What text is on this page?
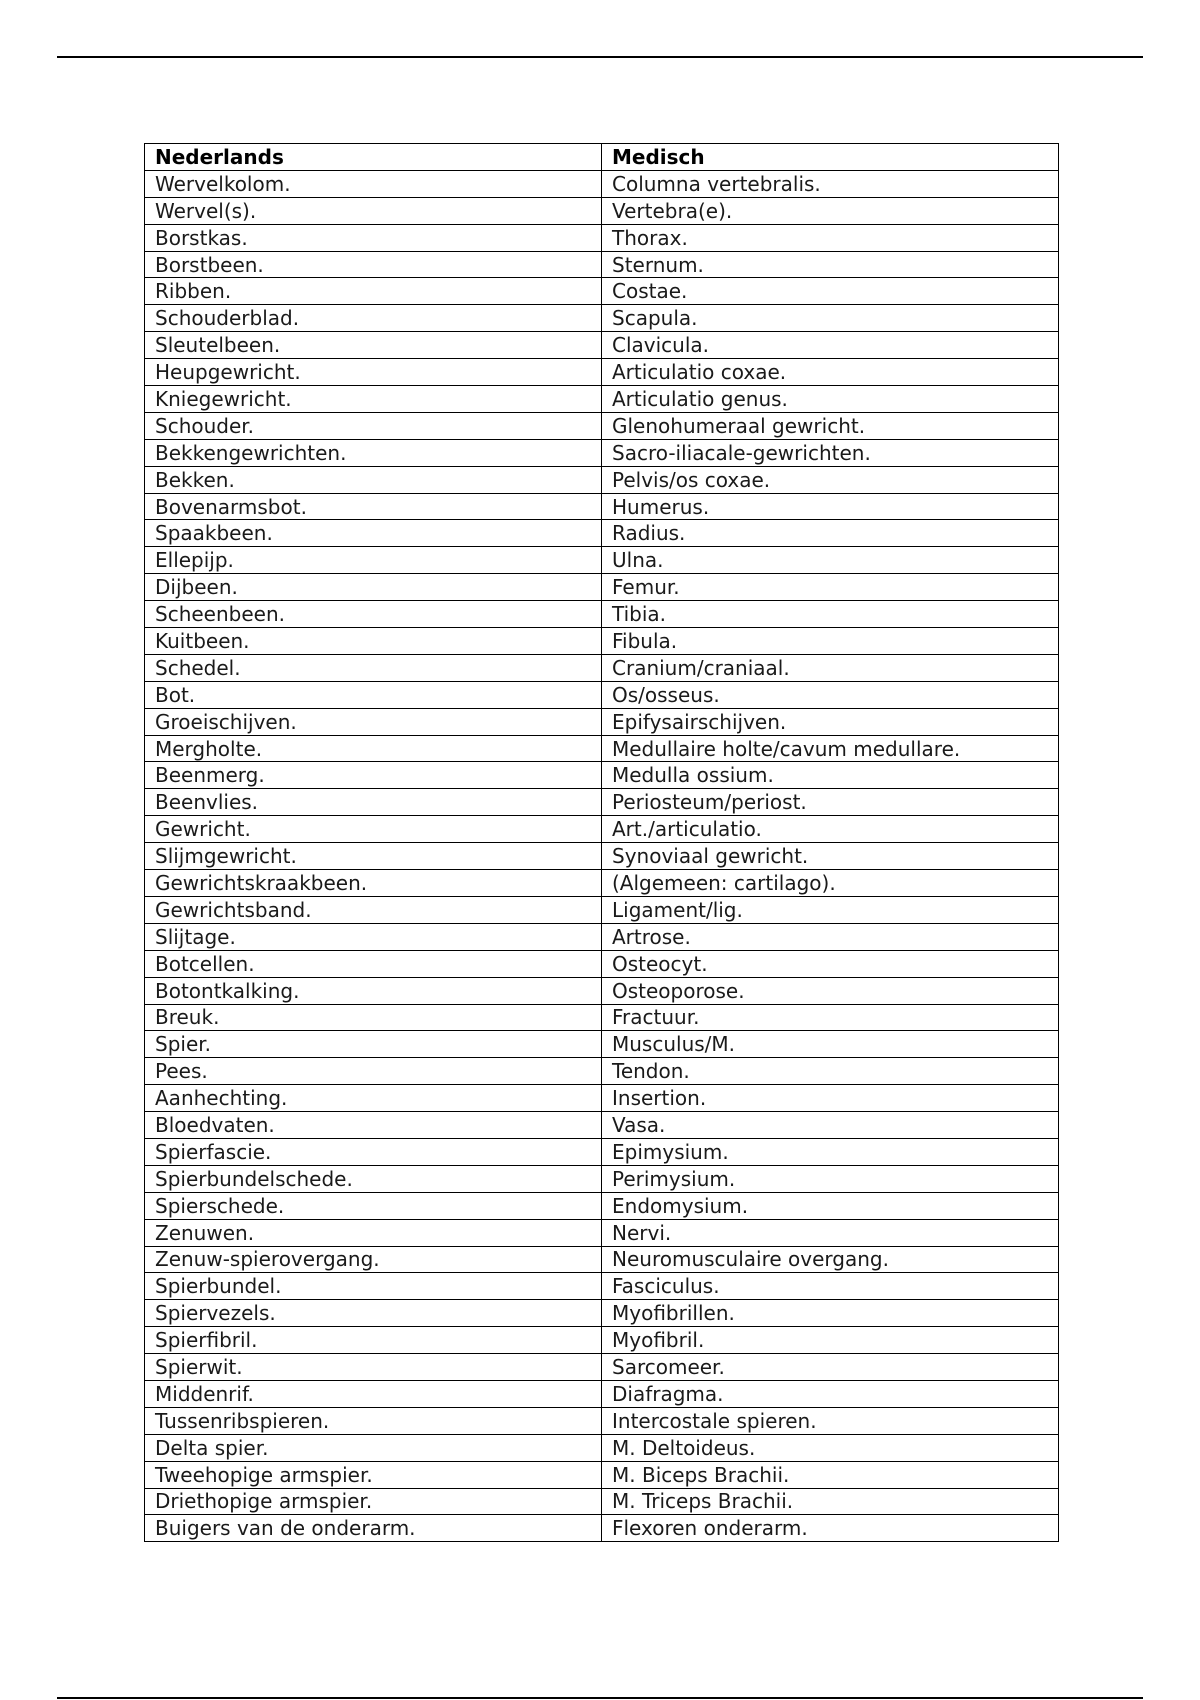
Nederlands	Medisch
Wervelkolom.	Columna vertebralis.
Wervel(s).	Vertebra(e).
Borstkas.	Thorax.
Borstbeen.	Sternum.
Ribben.	Costae.
Schouderblad.	Scapula.
Sleutelbeen.	Clavicula.
Heupgewricht.	Articulatio coxae.
Kniegewricht.	Articulatio genus.
Schouder.	Glenohumeraal gewricht.
Bekkengewrichten.	Sacro-iliacale-gewrichten.
Bekken.	Pelvis/os coxae.
Bovenarmsbot.	Humerus.
Spaakbeen.	Radius.
Ellepijp.	Ulna.
Dijbeen.	Femur.
Scheenbeen.	Tibia.
Kuitbeen.	Fibula.
Schedel.	Cranium/craniaal.
Bot.	Os/osseus.
Groeischijven.	Epifysairschijven.
Mergholte.	Medullaire holte/cavum medullare.
Beenmerg.	Medulla ossium.
Beenvlies.	Periosteum/periost.
Gewricht.	Art./articulatio.
Slijmgewricht.	Synoviaal gewricht.
Gewrichtskraakbeen.	(Algemeen: cartilago).
Gewrichtsband.	Ligament/lig.
Slijtage.	Artrose.
Botcellen.	Osteocyt.
Botontkalking.	Osteoporose.
Breuk.	Fractuur.
Spier.	Musculus/M.
Pees.	Tendon.
Aanhechting.	Insertion.
Bloedvaten.	Vasa.
Spierfascie.	Epimysium.
Spierbundelschede.	Perimysium.
Spierschede.	Endomysium.
Zenuwen.	Nervi.
Zenuw-spierovergang.	Neuromusculaire overgang.
Spierbundel.	Fasciculus.
Spiervezels.	Myofibrillen.
Spierfibril.	Myofibril.
Spierwit.	Sarcomeer.
Middenrif.	Diafragma.
Tussenribspieren.	Intercostale spieren.
Delta spier.	M. Deltoideus.
Tweehopige armspier.	M. Biceps Brachii.
Driethopige armspier.	M. Triceps Brachii.
Buigers van de onderarm.	Flexoren onderarm.
